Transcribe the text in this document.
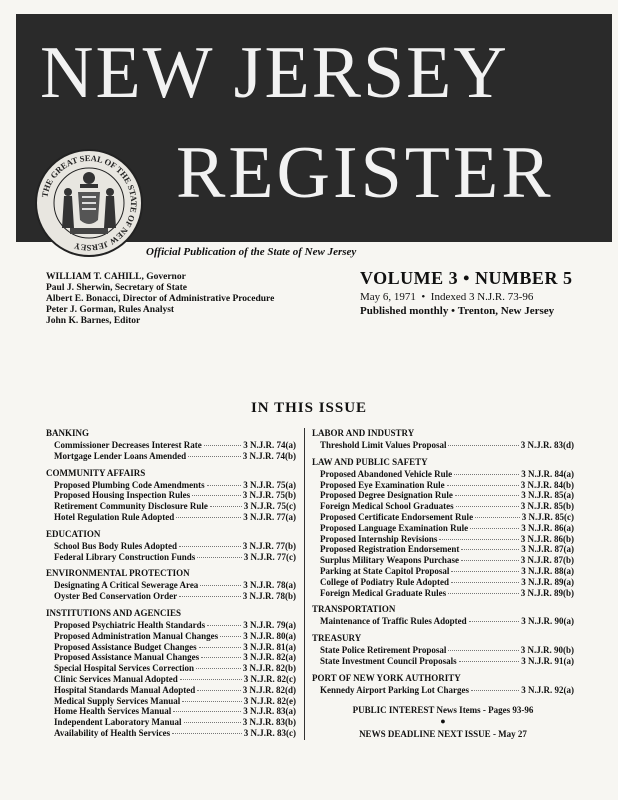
NEW JERSEY
REGISTER
THE GREAT SEAL OF THE STATE OF NEW JERSEY	Official Publication of the State of New Jersey
WILLIAM T. CAHILL, Governor
Paul J. Sherwin, Secretary of State
Albert E. Bonacci, Director of Administrative Procedure
Peter J. Gorman, Rules Analyst
John K. Barnes, Editor
VOLUME 3 • NUMBER 5
May 6, 1971  •  Indexed 3 N.J.R. 73-96
Published monthly • Trenton, New Jersey
IN THIS ISSUE
BANKING
Commissioner Decreases Interest Rate	3 N.J.R. 74(a)
Mortgage Lender Loans Amended	3 N.J.R. 74(b)
COMMUNITY AFFAIRS
Proposed Plumbing Code Amendments	3 N.J.R. 75(a)
Proposed Housing Inspection Rules	3 N.J.R. 75(b)
Retirement Community Disclosure Rule	3 N.J.R. 75(c)
Hotel Regulation Rule Adopted	3 N.J.R. 77(a)
EDUCATION
School Bus Body Rules Adopted	3 N.J.R. 77(b)
Federal Library Construction Funds	3 N.J.R. 77(c)
ENVIRONMENTAL PROTECTION
Designating A Critical Sewerage Area	3 N.J.R. 78(a)
Oyster Bed Conservation Order	3 N.J.R. 78(b)
INSTITUTIONS AND AGENCIES
Proposed Psychiatric Health Standards	3 N.J.R. 79(a)
Proposed Administration Manual Changes	3 N.J.R. 80(a)
Proposed Assistance Budget Changes	3 N.J.R. 81(a)
Proposed Assistance Manual Changes	3 N.J.R. 82(a)
Special Hospital Services Correction	3 N.J.R. 82(b)
Clinic Services Manual Adopted	3 N.J.R. 82(c)
Hospital Standards Manual Adopted	3 N.J.R. 82(d)
Medical Supply Services Manual	3 N.J.R. 82(e)
Home Health Services Manual	3 N.J.R. 83(a)
Independent Laboratory Manual	3 N.J.R. 83(b)
Availability of Health Services	3 N.J.R. 83(c)
LABOR AND INDUSTRY
Threshold Limit Values Proposal	3 N.J.R. 83(d)
LAW AND PUBLIC SAFETY
Proposed Abandoned Vehicle Rule	3 N.J.R. 84(a)
Proposed Eye Examination Rule	3 N.J.R. 84(b)
Proposed Degree Designation Rule	3 N.J.R. 85(a)
Foreign Medical School Graduates	3 N.J.R. 85(b)
Proposed Certificate Endorsement Rule	3 N.J.R. 85(c)
Proposed Language Examination Rule	3 N.J.R. 86(a)
Proposed Internship Revisions	3 N.J.R. 86(b)
Proposed Registration Endorsement	3 N.J.R. 87(a)
Surplus Military Weapons Purchase	3 N.J.R. 87(b)
Parking at State Capitol Proposal	3 N.J.R. 88(a)
College of Podiatry Rule Adopted	3 N.J.R. 89(a)
Foreign Medical Graduate Rules	3 N.J.R. 89(b)
TRANSPORTATION
Maintenance of Traffic Rules Adopted	3 N.J.R. 90(a)
TREASURY
State Police Retirement Proposal	3 N.J.R. 90(b)
State Investment Council Proposals	3 N.J.R. 91(a)
PORT OF NEW YORK AUTHORITY
Kennedy Airport Parking Lot Charges	3 N.J.R. 92(a)
PUBLIC INTEREST News Items - Pages 93-96
●
NEWS DEADLINE NEXT ISSUE - May 27
